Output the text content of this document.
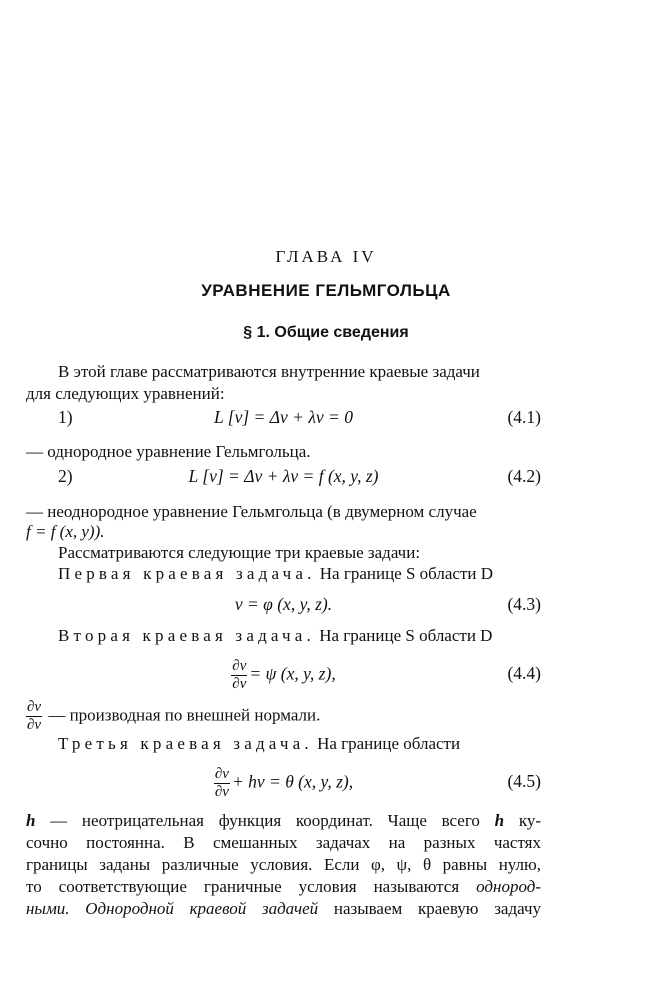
ГЛАВА IV
УРАВНЕНИЕ ГЕЛЬМГОЛЬЦА
§ 1. Общие сведения
В этой главе рассматриваются внутренние краевые задачи
для следующих уравнений:
1)	L [v] = Δv + λv = 0	(4.1)
— однородное уравнение Гельмгольца.
2)	L [v] = Δv + λv = f (x, y, z)	(4.2)
— неоднородное уравнение Гельмгольца (в двумерном случае
f = f (x, y)).
Рассматриваются следующие три краевые задачи:
Первая краевая задача. На границе S области D
v = φ (x, y, z).	(4.3)
Вторая краевая задача. На границе S области D
$\frac{\partial v}{\partial\nu} = \psi$ (x, y, z),	(4.4)
$\frac{\partial v}{\partial\nu}$ — производная по внешней нормали.
Третья краевая задача. На границе области
$\frac{\partial v}{\partial\nu}$ + hv = θ (x, y, z),	(4.5)
h — неотрицательная функция координат. Чаще всего h ку-
сочно постоянна. В смешанных задачах на разных частях
границы заданы различные условия. Если φ, ψ, θ равны нулю,
то соответствующие граничные условия называются однород-
ными. Однородной краевой задачей называем краевую задачу
